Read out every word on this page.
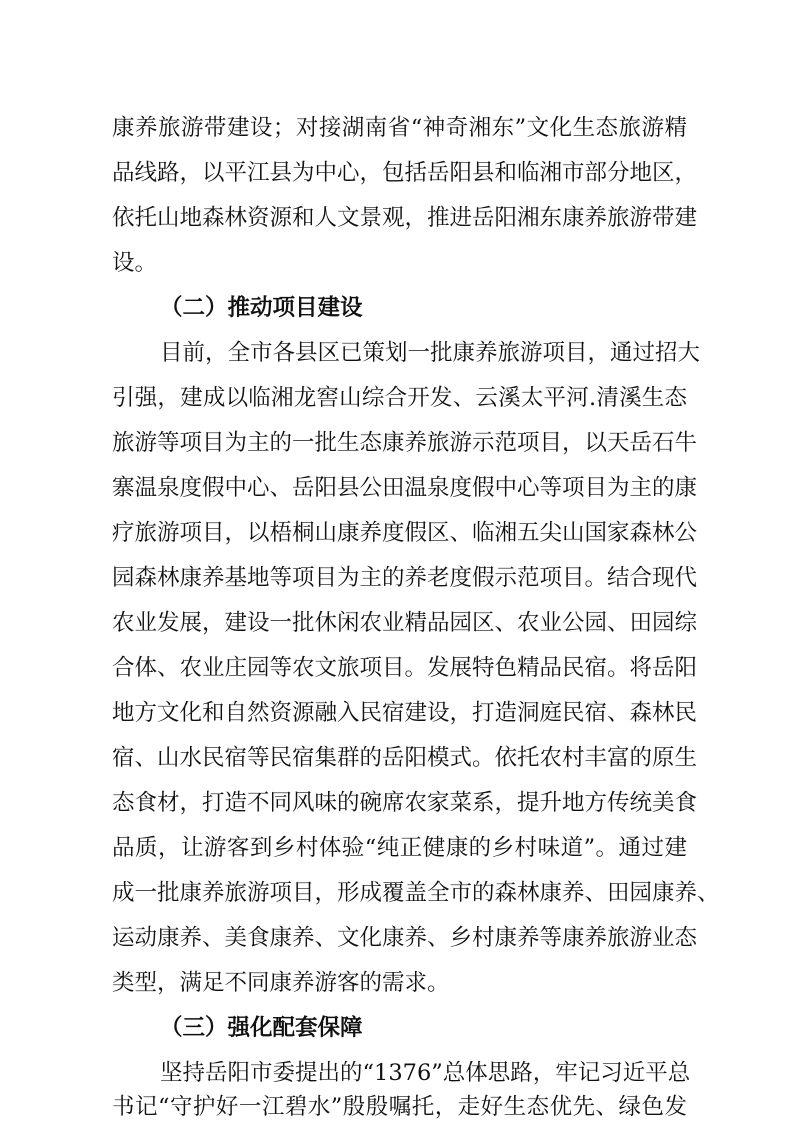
康养旅游带建设；对接湖南省“神奇湘东”文化生态旅游精
品线路，以平江县为中心，包括岳阳县和临湘市部分地区，
依托山地森林资源和人文景观，推进岳阳湘东康养旅游带建
设。
（二）推动项目建设
目前，全市各县区已策划一批康养旅游项目，通过招大
引强，建成以临湘龙窖山综合开发、云溪太平河.清溪生态
旅游等项目为主的一批生态康养旅游示范项目，以天岳石牛
寨温泉度假中心、岳阳县公田温泉度假中心等项目为主的康
疗旅游项目，以梧桐山康养度假区、临湘五尖山国家森林公
园森林康养基地等项目为主的养老度假示范项目。结合现代
农业发展，建设一批休闲农业精品园区、农业公园、田园综
合体、农业庄园等农文旅项目。发展特色精品民宿。将岳阳
地方文化和自然资源融入民宿建设，打造洞庭民宿、森林民
宿、山水民宿等民宿集群的岳阳模式。依托农村丰富的原生
态食材，打造不同风味的碗席农家菜系，提升地方传统美食
品质，让游客到乡村体验“纯正健康的乡村味道”。通过建
成一批康养旅游项目，形成覆盖全市的森林康养、田园康养、
运动康养、美食康养、文化康养、乡村康养等康养旅游业态
类型，满足不同康养游客的需求。
（三）强化配套保障
坚持岳阳市委提出的“1376”总体思路，牢记习近平总
书记“守护好一江碧水”殷殷嘱托，走好生态优先、绿色发
